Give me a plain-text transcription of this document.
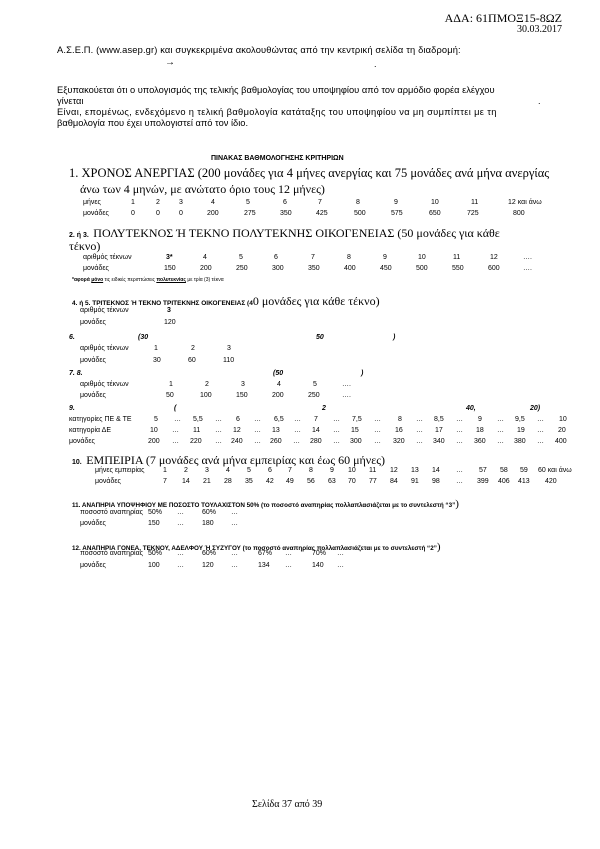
ΑΔΑ: 61ΠΜΟΞ15-8ΩΖ
30.03.2017
Α.Σ.Ε.Π. (www.asep.gr) και συγκεκριμένα ακολουθώντας από την κεντρική σελίδα τη διαδρομή:
→	.
Εξυπακούεται ότι ο υπολογισμός της τελικής βαθμολογίας του υποψηφίου από τον αρμόδιο φορέα ελέγχου
γίνεται	.
Είναι, επομένως, ενδεχόμενο η τελική βαθμολογία κατάταξης του υποψηφίου να μη συμπίπτει με τη
βαθμολογία που έχει υπολογιστεί από τον ίδιο.
ΠΙΝΑΚΑΣ ΒΑΘΜΟΛΟΓΗΣΗΣ ΚΡΙΤΗΡΙΩΝ
1. ΧΡΟΝΟΣ ΑΝΕΡΓΙΑΣ (200 μονάδες για 4 μήνες ανεργίας και 75 μονάδες ανά μήνα ανεργίας
άνω των 4 μηνών, με ανώτατο όριο τους 12 μήνες)
μήνες	1	2	3	4	5	6	7	8	9	10	11	12 και άνω
μονάδες	0	0	0	200	275	350	425	500	575	650	725	800
2. ή 3. ΠΟΛΥΤΕΚΝΟΣ Ή ΤΕΚΝΟ ΠΟΛΥΤΕΚΝΗΣ ΟΙΚΟΓΕΝΕΙΑΣ (50 μονάδες για κάθε
τέκνο)
αριθμός τέκνων	3*	4	5	6	7	8	9	10	11	12	….
μονάδες	150	200	250	300	350	400	450	500	550	600	….
*αφορά μόνο τις ειδικές περιπτώσεις πολυτεκνίας με τρία (3) τέκνα
4. ή 5. ΤΡΙΤΕΚΝΟΣ Ή ΤΕΚΝΟ ΤΡΙΤΕΚΝΗΣ ΟΙΚΟΓΕΝΕΙΑΣ (40 μονάδες για κάθε τέκνο)
αριθμός τέκνων	3
μονάδες	120
6.	(30	50	)
αριθμός τέκνων	1	2	3
μονάδες	30	60	110
7. 8.	(50	)
αριθμός τέκνων	1	2	3	4	5	….
μονάδες	50	100	150	200	250	….
9.	(	2	40,	20)
κατηγορίες ΠΕ & ΤΕ	5 … 5,5 … 6 … 6,5 … 7 … 7,5 … 8 … 8,5 … 9 … 9,5 … 10
κατηγορία ΔΕ	10 … 11 … 12 … 13 … 14 … 15 … 16 … 17 … 18 … 19 … 20
μονάδες	200 … 220 … 240 … 260 … 280 … 300 … 320 … 340 … 360 … 380 … 400
10. ΕΜΠΕΙΡΙΑ (7 μονάδες ανά μήνα εμπειρίας και έως 60 μήνες)
μήνες εμπειρίας	1 2 3 4 5 6 7 8 9 10 11 12 13 14 … 57 58 59 60 και άνω
μονάδες	7 14 21 28 35 42 49 56 63 70 77 84 91 98 … 399 406 413 420
11. ΑΝΑΠΗΡΙΑ ΥΠΟΨΗΦΙΟΥ ΜΕ ΠΟΣΟΣΤΟ ΤΟΥΛΑΧΙΣΤΟΝ 50% (το ποσοστό αναπηρίας πολλαπλασιάζεται με το συντελεστή “3”)
ποσοστό αναπηρίας 50% …	60% …
μονάδες	150 …	180 …
12. ΑΝΑΠΗΡΙΑ ΓΟΝΕΑ, ΤΕΚΝΟΥ, ΑΔΕΛΦΟΥ Ή ΣΥΖΥΓΟΥ (το ποσοστό αναπηρίας πολλαπλασιάζεται με το συντελεστή “2”)
ποσοστό αναπηρίας 50% …	60% …	67% …	70% …
μονάδες	100 …	120 …	134 …	140 …
Σελίδα 37 από 39
